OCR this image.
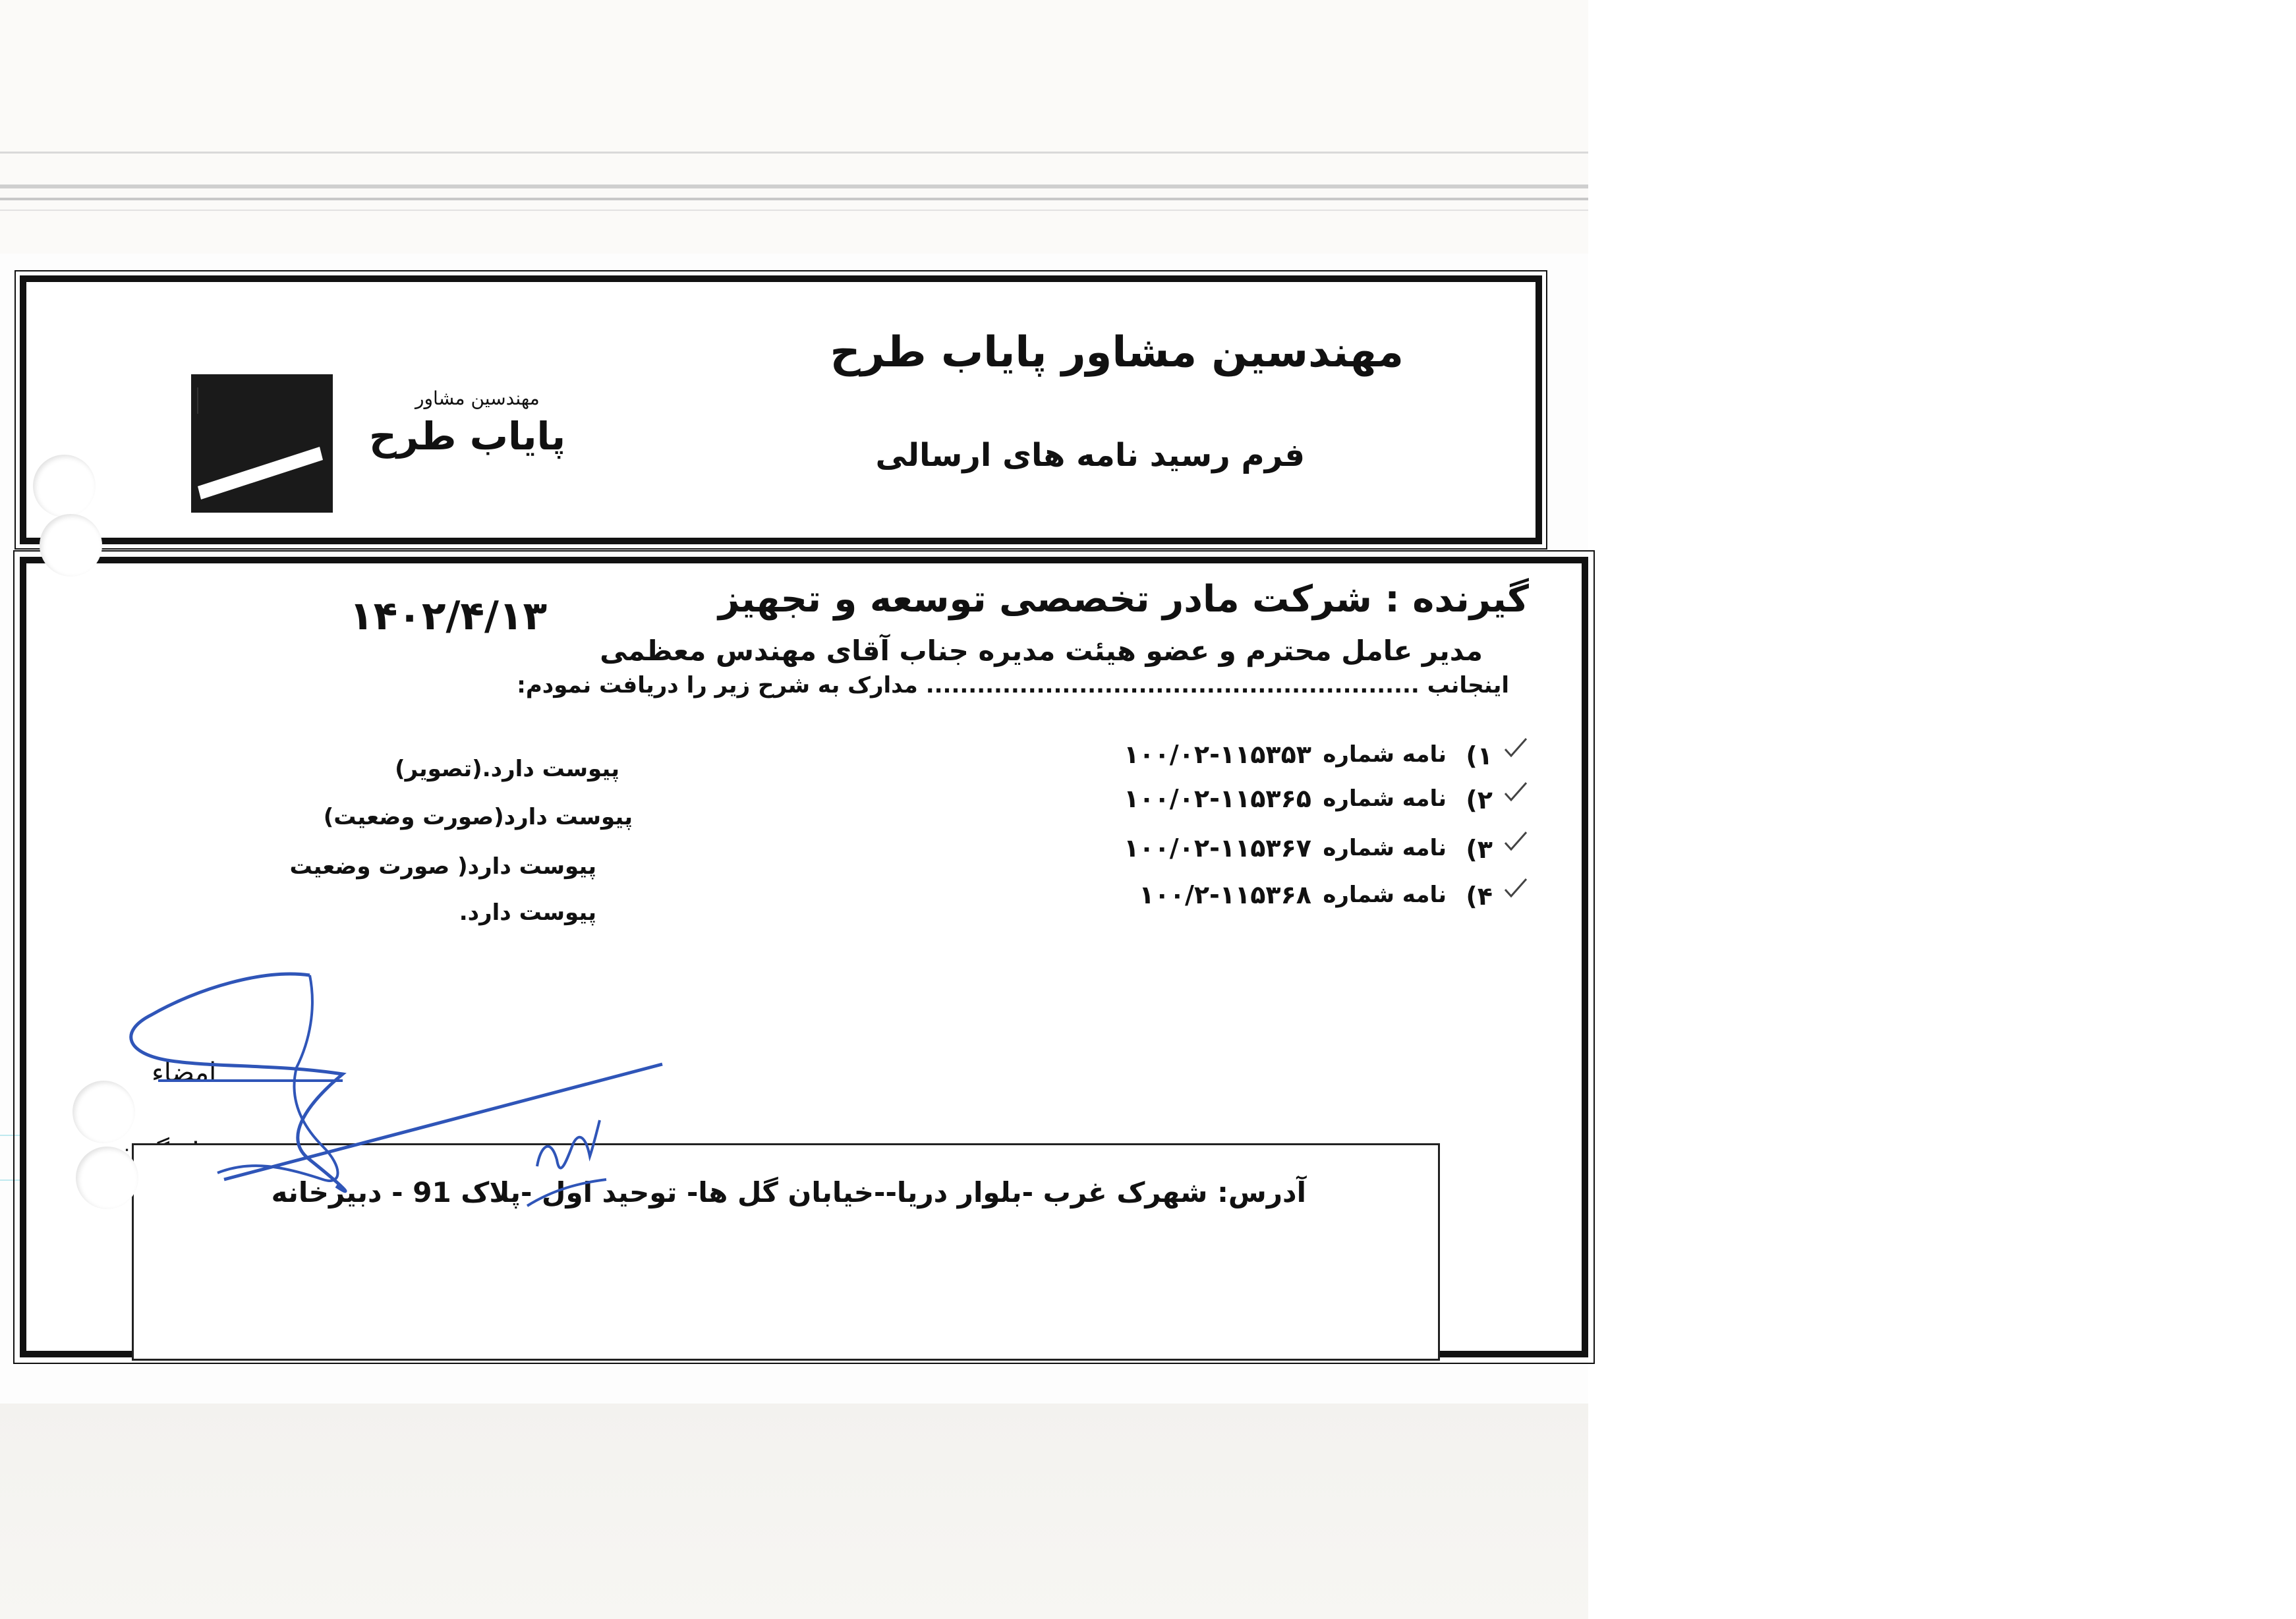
مهندسین مشاور پایاب طرح
فرم رسید نامه های ارسالی
مهندسین مشاور
پایاب طرح
گیرنده : شرکت مادر تخصصی توسعه و تجهیز
۱۴۰۲/۴/۱۳
مدیر عامل محترم و عضو هیئت مدیره جناب آقای مهندس معظمی
اینجانب .......................................................... مدارک به شرح زیر را دریافت نمودم:
۱)
نامه شماره
۱۰۰/۰۲-۱۱۵۳۵۳
پیوست دارد.(تصویر)
۲)
نامه شماره
۱۰۰/۰۲-۱۱۵۳۶۵
پیوست دارد(صورت وضعیت)
۳)
نامه شماره
۱۰۰/۰۲-۱۱۵۳۶۷
پیوست دارد( صورت وضعیت
۴)
نامه شماره
۱۰۰/۲-۱۱۵۳۶۸
پیوست دارد.
امضاء
گیرنده
آدرس: شهرک غرب -بلوار دریا--خیابان گل ها- توحید اول -پلاک 91 - دبیرخانه
